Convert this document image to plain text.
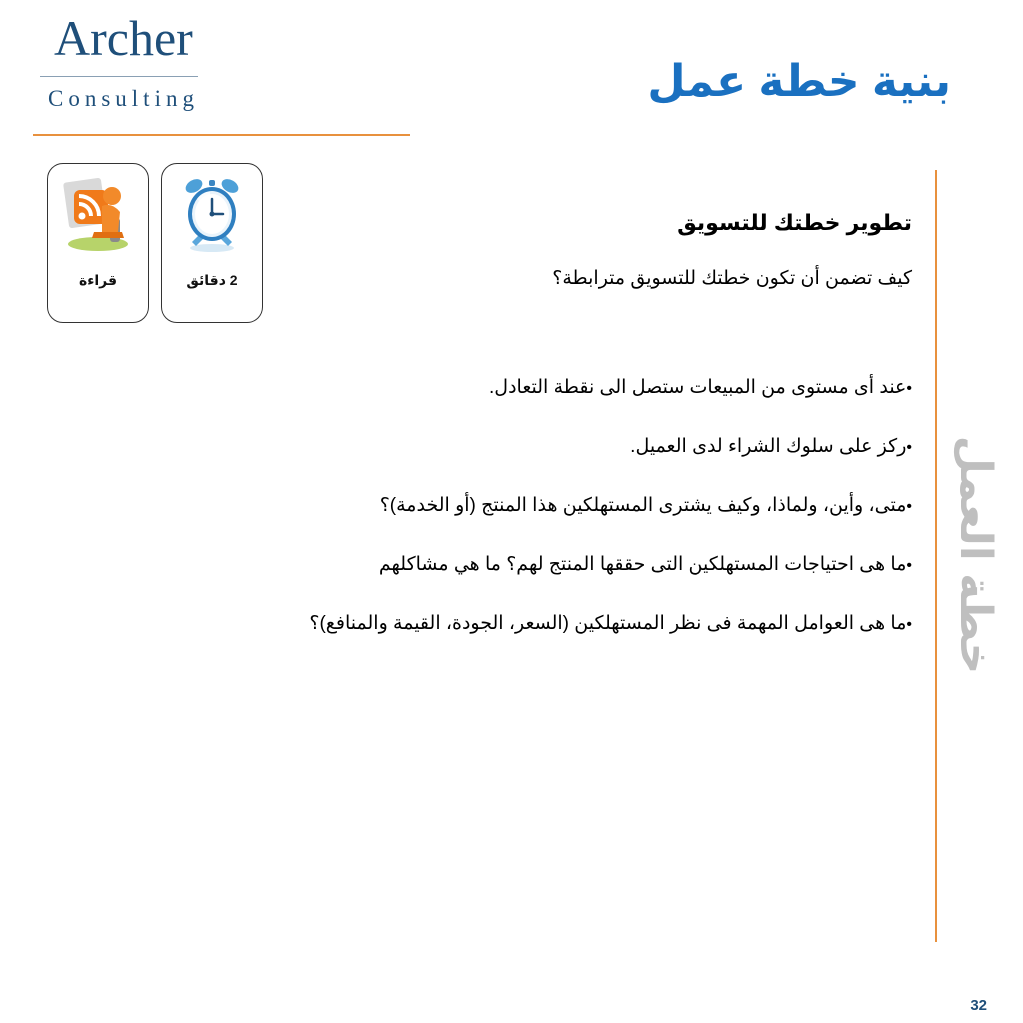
Archer
Consulting	بنية خطة عمل
2 دقائق
قراءة

تطوير خطتك للتسويق

كيف تضمن أن تكون خطتك للتسويق مترابطة؟

•عند أى مستوى من المبيعات ستصل الى نقطة التعادل.
•ركز على سلوك الشراء لدى العميل.
•متى، وأين، ولماذا، وكيف يشترى المستهلكين هذا المنتج (أو الخدمة)؟
•ما هى احتياجات المستهلكين التى حققها المنتج لهم؟ ما هي مشاكلهم
•ما هى العوامل المهمة فى نظر المستهلكين (السعر، الجودة، القيمة والمنافع)؟ خطة العمل
32
